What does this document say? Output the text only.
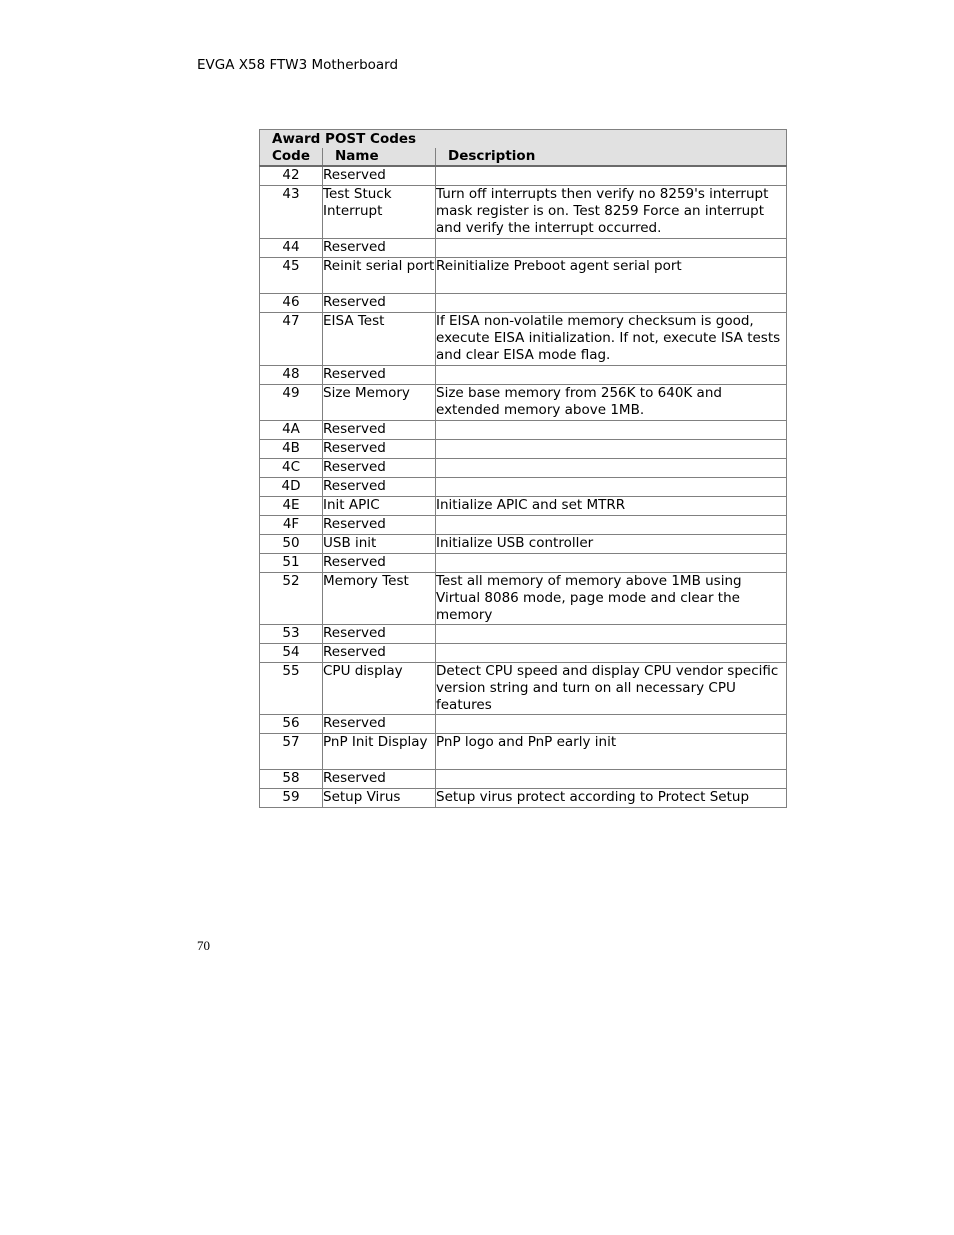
EVGA X58 FTW3 Motherboard
Award POST Codes		
Code	Name	Description
42	Reserved	
43	Test Stuck Interrupt	Turn off interrupts then verify no 8259's interrupt mask register is on. Test 8259 Force an interrupt and verify the interrupt occurred.
44	Reserved	
45	Reinit serial port	Reinitialize Preboot agent serial port
46	Reserved	
47	EISA Test	If EISA non-volatile memory checksum is good, execute EISA initialization. If not, execute ISA tests and clear EISA mode flag.
48	Reserved	
49	Size Memory	Size base memory from 256K to 640K and extended memory above 1MB.
4A	Reserved	
4B	Reserved	
4C	Reserved	
4D	Reserved	
4E	Init APIC	Initialize APIC and set MTRR
4F	Reserved	
50	USB init	Initialize USB controller
51	Reserved	
52	Memory Test	Test all memory of memory above 1MB using Virtual 8086 mode, page mode and clear the memory
53	Reserved	
54	Reserved	
55	CPU display	Detect CPU speed and display CPU vendor specific version string and turn on all necessary CPU features
56	Reserved	
57	PnP Init Display	PnP logo and PnP early init
58	Reserved	
59	Setup Virus	Setup virus protect according to Protect Setup
70
